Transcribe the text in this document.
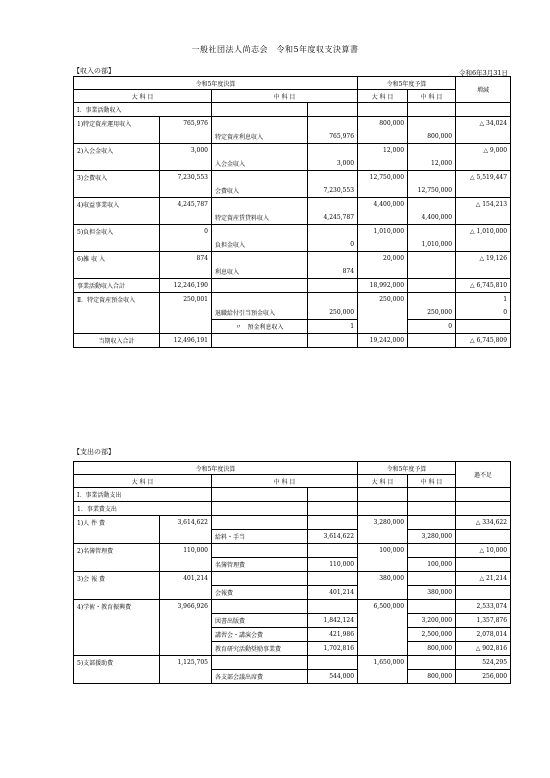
一般社団法人尚志会　令和5年度収支決算書
【収入の部】	令和6年3月31日
令和5年度決算				令和5年度予算		増減
大 科 目		中 科 目		大 科 目	中 科 目	
Ⅰ．事業活動収入						
1)特定資産運用収入	765,976			800,000		△ 34,024
		特定資産利息収入	765,976		800,000	
2)入会金収入	3,000			12,000		△ 9,000
		入会金収入	3,000		12,000	
3)会費収入	7,230,553			12,750,000		△ 5,519,447
		会費収入	7,230,553		12,750,000	
4)収益事業収入	4,245,787			4,400,000		△ 154,213
		特定資産賃貸料収入	4,245,787		4,400,000	
5)負担金収入	0			1,010,000		△ 1,010,000
		負担金収入	0		1,010,000	
6)雑 収 入	874			20,000		△ 19,126
		利息収入	874			
事業活動収入合計	12,246,190			18,992,000		△ 6,745,810
Ⅱ．特定資産預金収入	250,001			250,000		1
		退職給付引当預金収入	250,000		250,000	0
		〃　預金利息収入	1		0	
当期収入合計	12,496,191			19,242,000		△ 6,745,809
【支出の部】
令和5年度決算				令和5年度予算		過不足
大 科 目		中 科 目		大 科 目	中 科 目	
Ⅰ．事業活動支出						
1．事業費支出						
1)人 件 費	3,614,622			3,280,000		△ 334,622
		給料・手当	3,614,622		3,280,000	
2)名簿管理費	110,000			100,000		△ 10,000
		名簿管理費	110,000		100,000	
3)会 報 費	401,214			380,000		△ 21,214
		会報費	401,214		380,000	
4)学術・教育振興費	3,966,926			6,500,000		2,533,074
		図書出版費	1,842,124		3,200,000	1,357,876
		講習会・講演会費	421,986		2,500,000	2,078,014
		教育研究活動奨励事業費	1,702,816		800,000	△ 902,816
5)支部援助費	1,125,705			1,650,000		524,295
		各支部会議出席費	544,000		800,000	256,000
